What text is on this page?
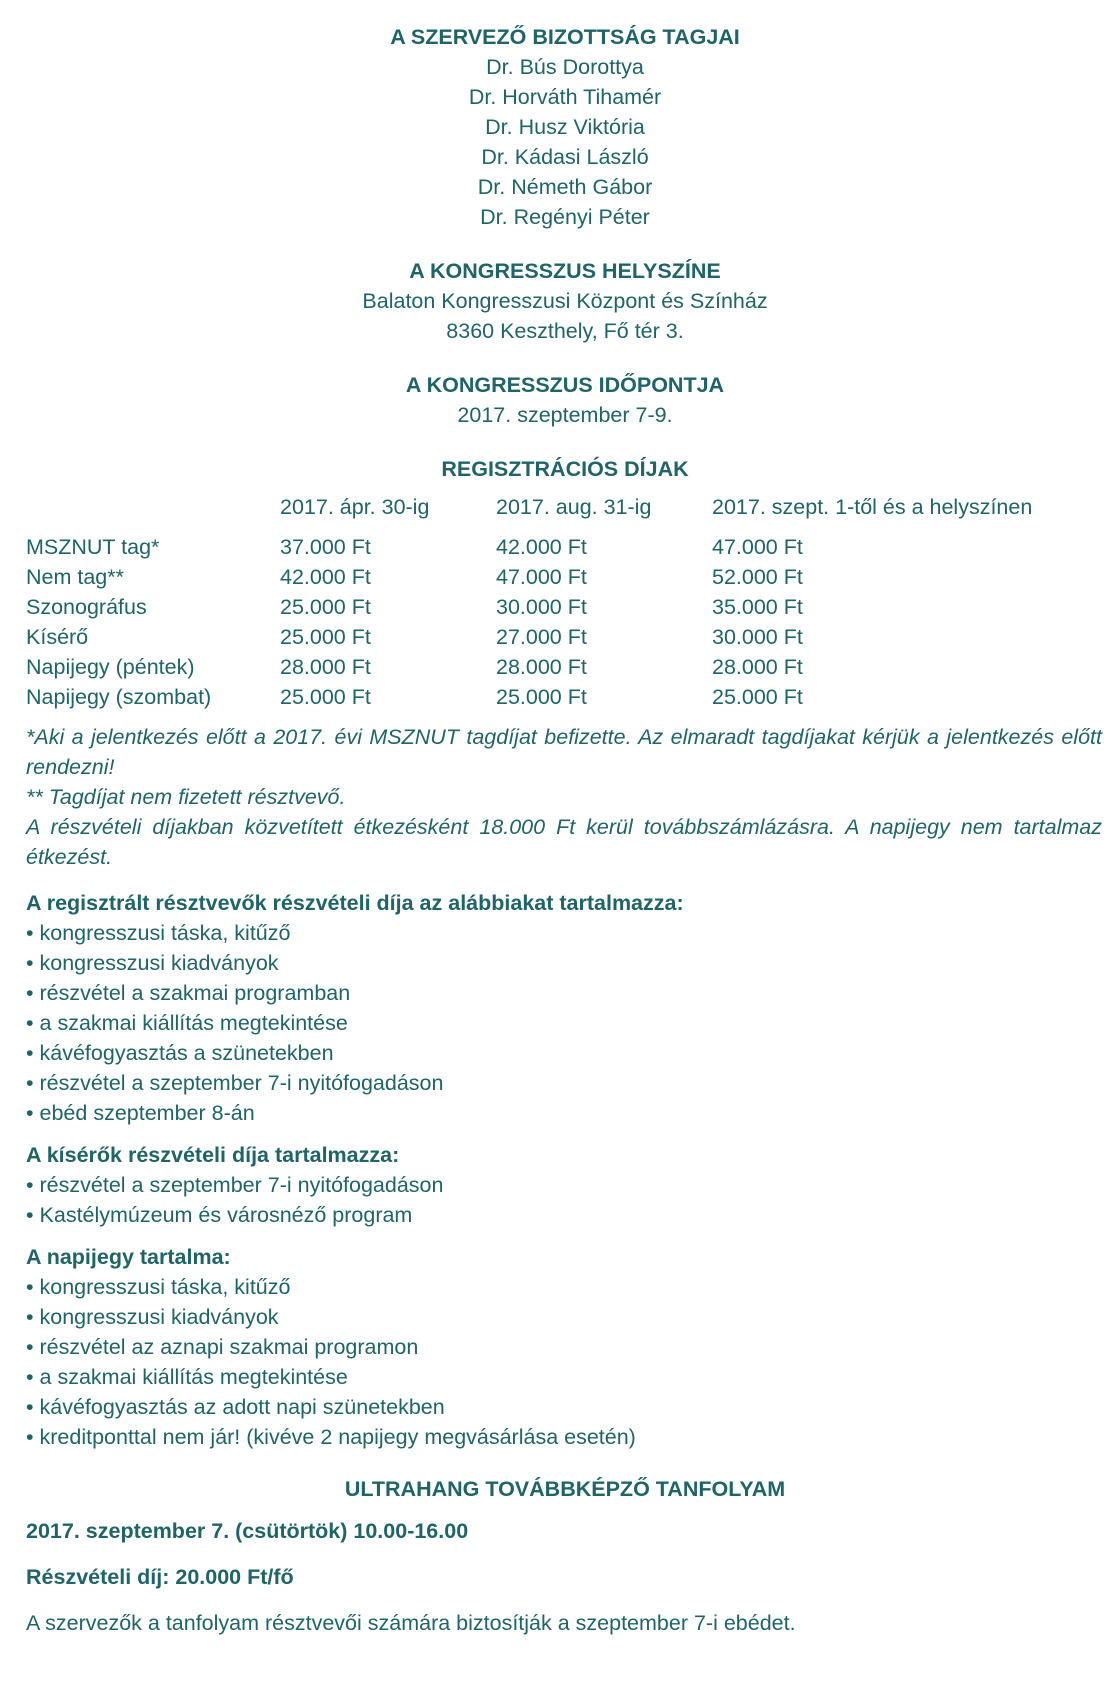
A SZERVEZŐ BIZOTTSÁG TAGJAI
Dr. Bús Dorottya
Dr. Horváth Tihamér
Dr. Husz Viktória
Dr. Kádasi László
Dr. Németh Gábor
Dr. Regényi Péter
A KONGRESSZUS HELYSZÍNE
Balaton Kongresszusi Központ és Színház
8360 Keszthely, Fő tér 3.
A KONGRESSZUS IDŐPONTJA
2017. szeptember 7-9.
REGISZTRÁCIÓS DÍJAK
	2017. ápr. 30-ig	2017. aug. 31-ig	2017. szept. 1-től és a helyszínen
MSZNUT tag*	37.000 Ft	42.000 Ft	47.000 Ft
Nem tag**	42.000 Ft	47.000 Ft	52.000 Ft
Szonográfus	25.000 Ft	30.000 Ft	35.000 Ft
Kísérő	25.000 Ft	27.000 Ft	30.000 Ft
Napijegy (péntek)	28.000 Ft	28.000 Ft	28.000 Ft
Napijegy (szombat)	25.000 Ft	25.000 Ft	25.000 Ft
*Aki a jelentkezés előtt a 2017. évi MSZNUT tagdíjat befizette. Az elmaradt tagdíjakat kérjük a jelentkezés előtt rendezni!
** Tagdíjat nem fizetett résztvevő.
A részvételi díjakban közvetített étkezésként 18.000 Ft kerül továbbszámlázásra. A napijegy nem tartalmaz étkezést.
A regisztrált résztvevők részvételi díja az alábbiakat tartalmazza:
• kongresszusi táska, kitűző
• kongresszusi kiadványok
• részvétel a szakmai programban
• a szakmai kiállítás megtekintése
• kávéfogyasztás a szünetekben
• részvétel a szeptember 7-i nyitófogadáson
• ebéd szeptember 8-án
A kísérők részvételi díja tartalmazza:
• részvétel a szeptember 7-i nyitófogadáson
• Kastélymúzeum és városnéző program
A napijegy tartalma:
• kongresszusi táska, kitűző
• kongresszusi kiadványok
• részvétel az aznapi szakmai programon
• a szakmai kiállítás megtekintése
• kávéfogyasztás az adott napi szünetekben
• kreditponttal nem jár! (kivéve 2 napijegy megvásárlása esetén)
ULTRAHANG TOVÁBBKÉPZŐ TANFOLYAM
2017. szeptember 7. (csütörtök) 10.00-16.00
Részvételi díj: 20.000 Ft/fő
A szervezők a tanfolyam résztvevői számára biztosítják a szeptember 7-i ebédet.
